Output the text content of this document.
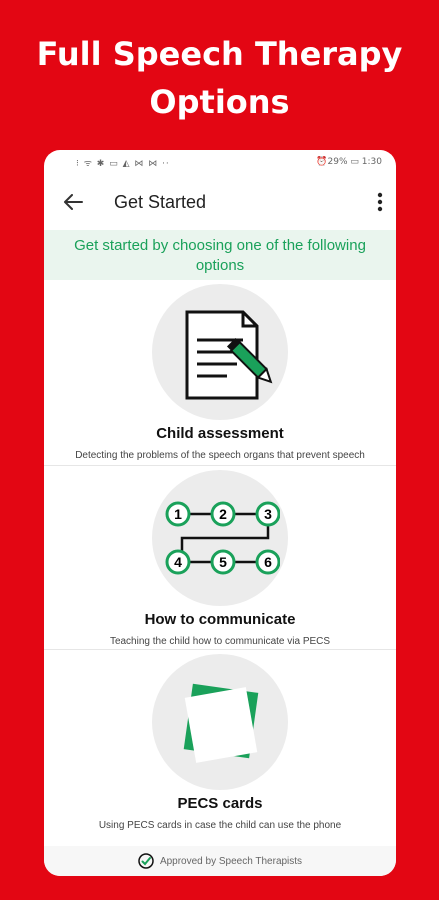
Full Speech Therapy
Options
⁝ ᯤ ✱ ▭ ◭ ⋈ ⋈ ··	⏰29% ▭ 1:30
Get Started
Get started by choosing one of the following
options
Child assessment
Detecting the problems of the speech organs that prevent speech
1	2	3
4	5	6
How to communicate
Teaching the child how to communicate via PECS
PECS cards
Using PECS cards in case the child can use the phone
Approved by Speech Therapists
